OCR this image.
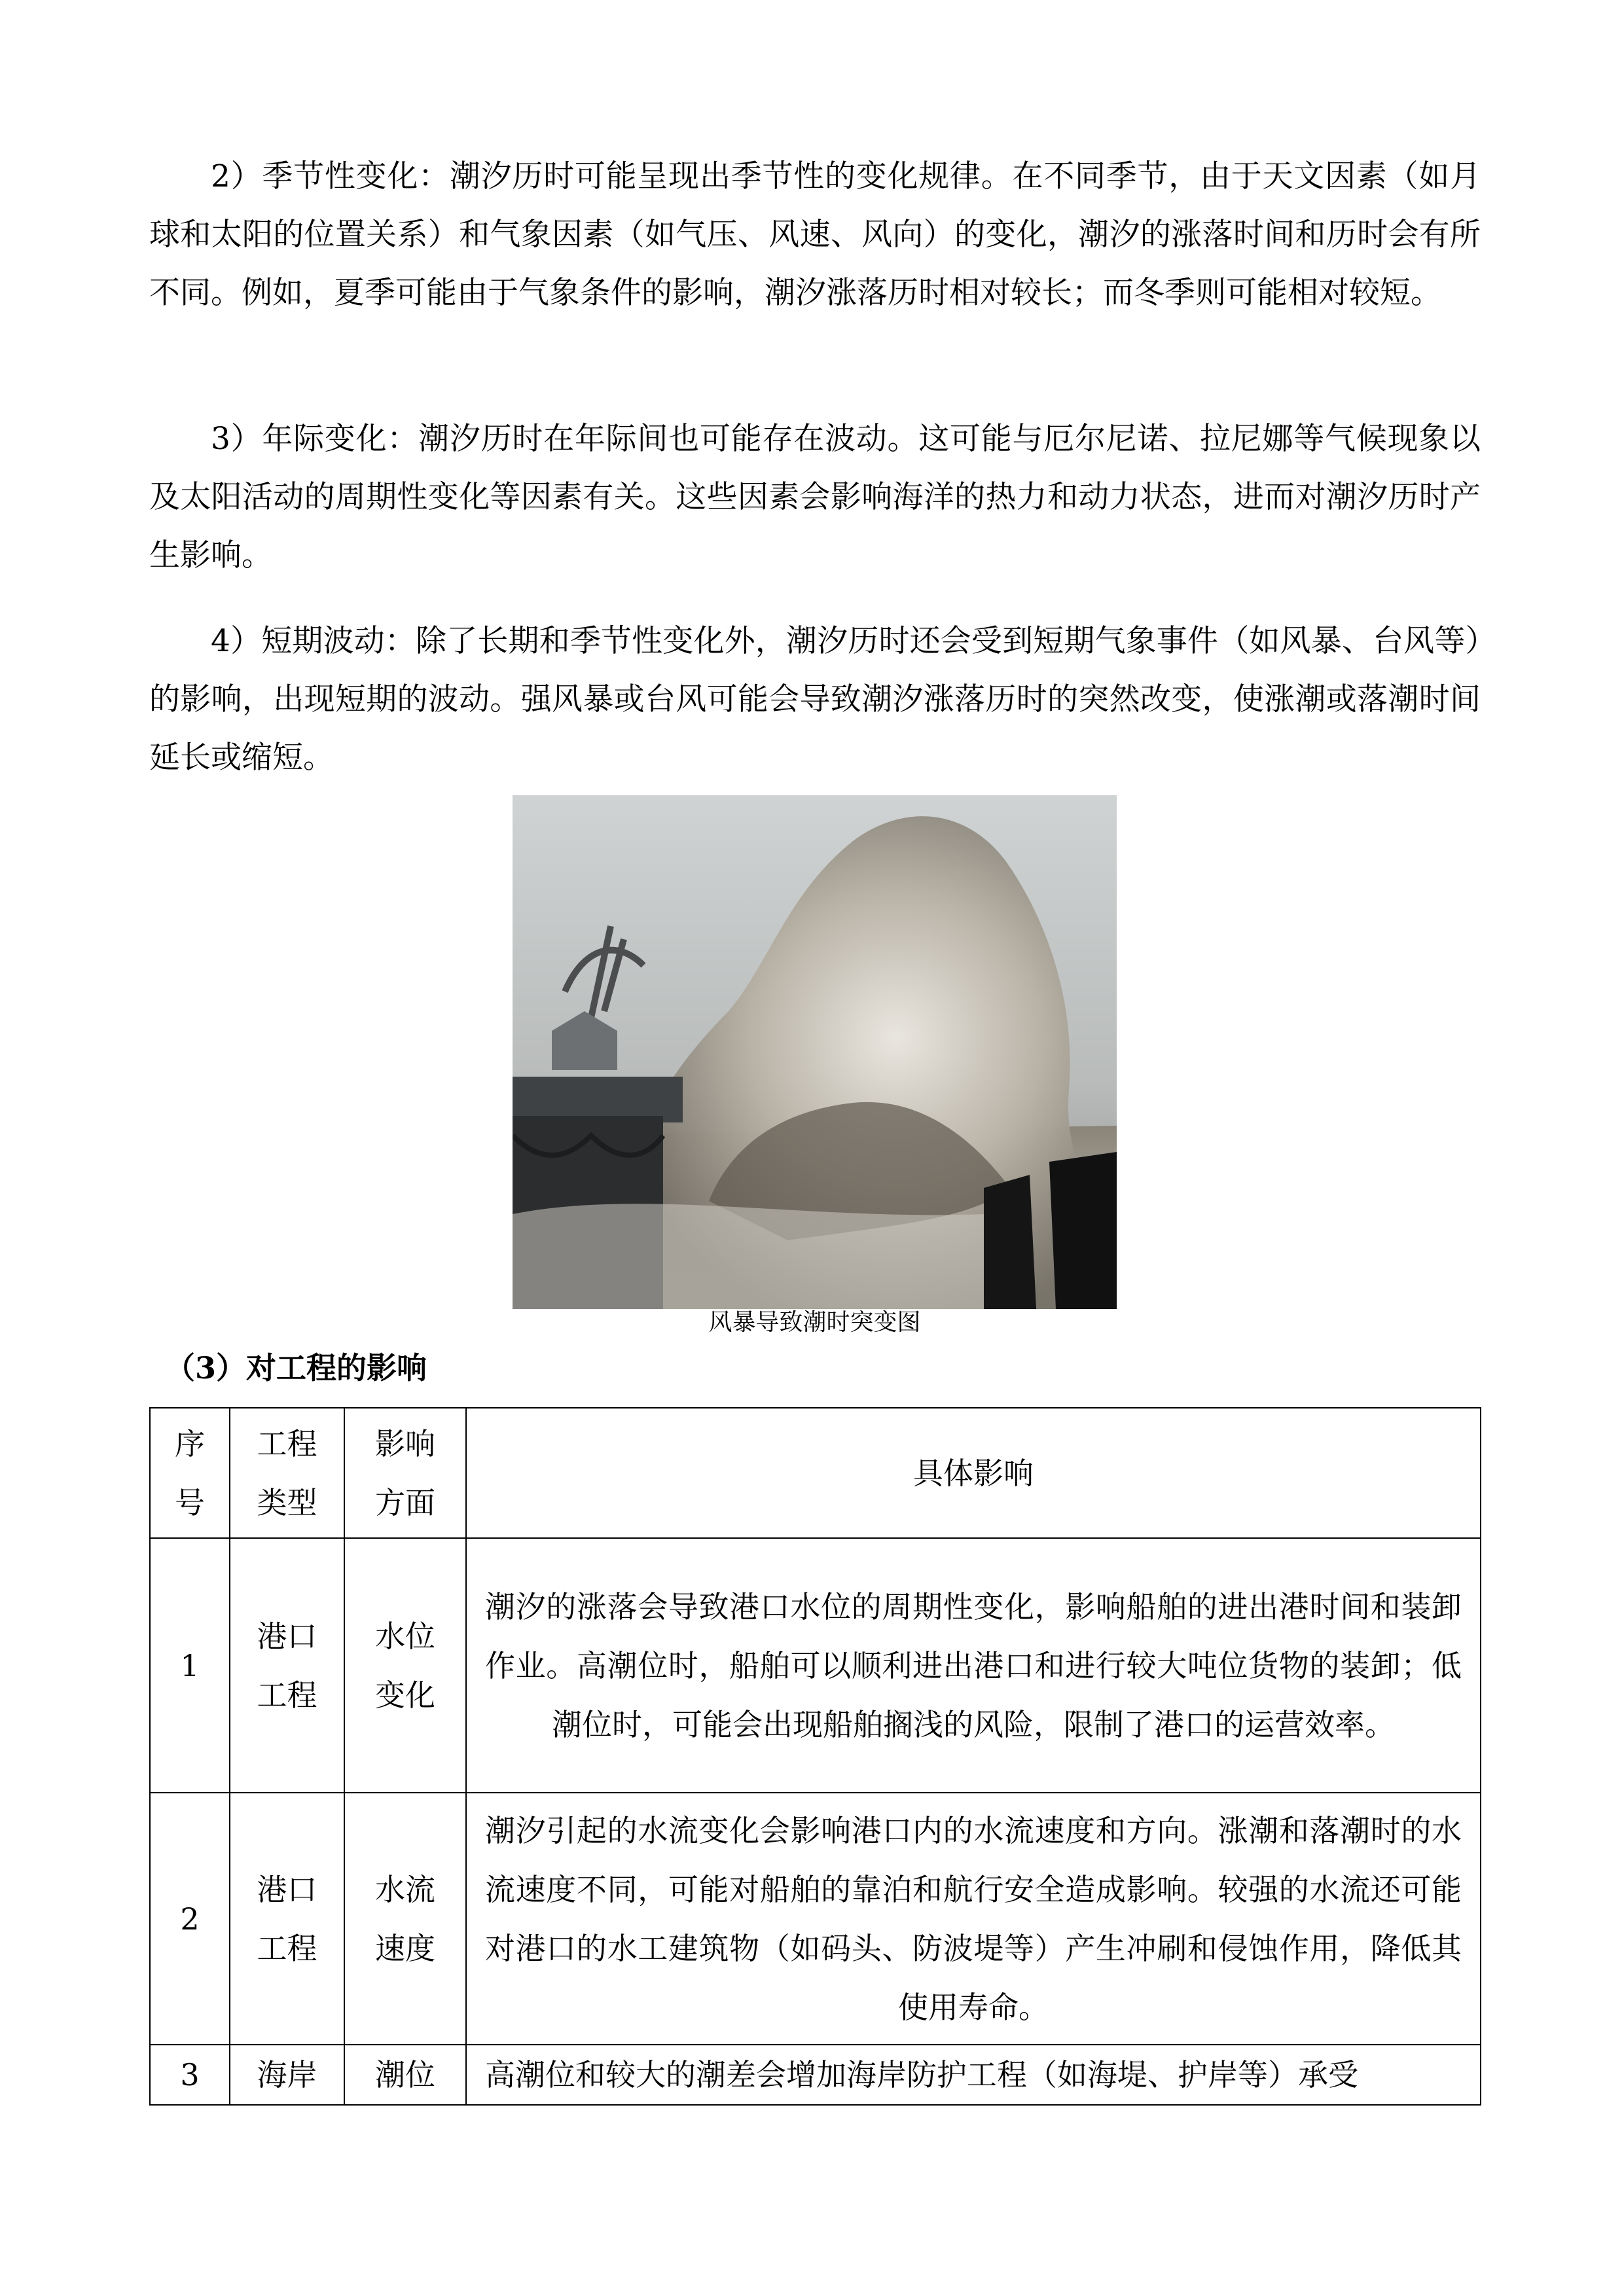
2）季节性变化：潮汐历时可能呈现出季节性的变化规律。在不同季节，由于天文因素（如月球和太阳的位置关系）和气象因素（如气压、风速、风向）的变化，潮汐的涨落时间和历时会有所不同。例如，夏季可能由于气象条件的影响，潮汐涨落历时相对较长；而冬季则可能相对较短。

3）年际变化：潮汐历时在年际间也可能存在波动。这可能与厄尔尼诺、拉尼娜等气候现象以及太阳活动的周期性变化等因素有关。这些因素会影响海洋的热力和动力状态，进而对潮汐历时产生影响。

4）短期波动：除了长期和季节性变化外，潮汐历时还会受到短期气象事件（如风暴、台风等）的影响，出现短期的波动。强风暴或台风可能会导致潮汐涨落历时的突然改变，使涨潮或落潮时间延长或缩短。

风暴导致潮时突变图
（3）对工程的影响
序号	工程类型	影响方面	具体影响
1	港口工程	水位变化	潮汐的涨落会导致港口水位的周期性变化，影响船舶的进出港时间和装卸作业。高潮位时，船舶可以顺利进出港口和进行较大吨位货物的装卸；低潮位时，可能会出现船舶搁浅的风险，限制了港口的运营效率。
2	港口工程	水流速度	潮汐引起的水流变化会影响港口内的水流速度和方向。涨潮和落潮时的水流速度不同，可能对船舶的靠泊和航行安全造成影响。较强的水流还可能对港口的水工建筑物（如码头、防波堤等）产生冲刷和侵蚀作用，降低其使用寿命。
3	海岸	潮位	高潮位和较大的潮差会增加海岸防护工程（如海堤、护岸等）承受
